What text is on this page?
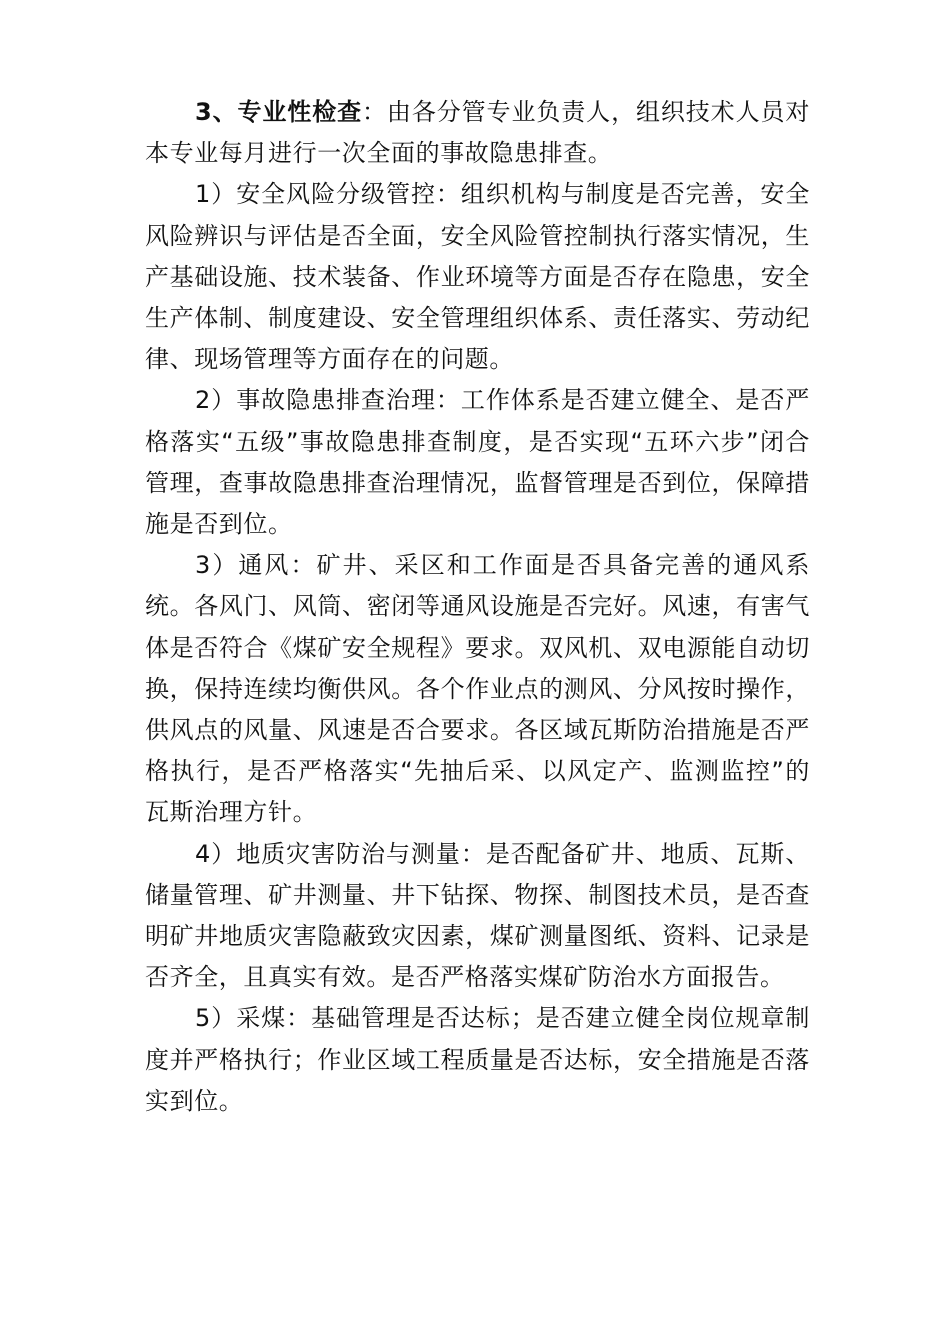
3、专业性检查：由各分管专业负责人，组织技术人员对本专业每月进行一次全面的事故隐患排查。

1）安全风险分级管控：组织机构与制度是否完善，安全风险辨识与评估是否全面，安全风险管控制执行落实情况，生产基础设施、技术装备、作业环境等方面是否存在隐患，安全生产体制、制度建设、安全管理组织体系、责任落实、劳动纪律、现场管理等方面存在的问题。

2）事故隐患排查治理：工作体系是否建立健全、是否严格落实“五级”事故隐患排查制度，是否实现“五环六步”闭合管理，查事故隐患排查治理情况，监督管理是否到位，保障措施是否到位。

3）通风：矿井、采区和工作面是否具备完善的通风系统。各风门、风筒、密闭等通风设施是否完好。风速，有害气体是否符合《煤矿安全规程》要求。双风机、双电源能自动切换，保持连续均衡供风。各个作业点的测风、分风按时操作，供风点的风量、风速是否合要求。各区域瓦斯防治措施是否严格执行，是否严格落实“先抽后采、以风定产、监测监控”的瓦斯治理方针。

4）地质灾害防治与测量：是否配备矿井、地质、瓦斯、储量管理、矿井测量、井下钻探、物探、制图技术员，是否查明矿井地质灾害隐蔽致灾因素，煤矿测量图纸、资料、记录是否齐全，且真实有效。是否严格落实煤矿防治水方面报告。

5）采煤：基础管理是否达标；是否建立健全岗位规章制度并严格执行；作业区域工程质量是否达标，安全措施是否落实到位。
